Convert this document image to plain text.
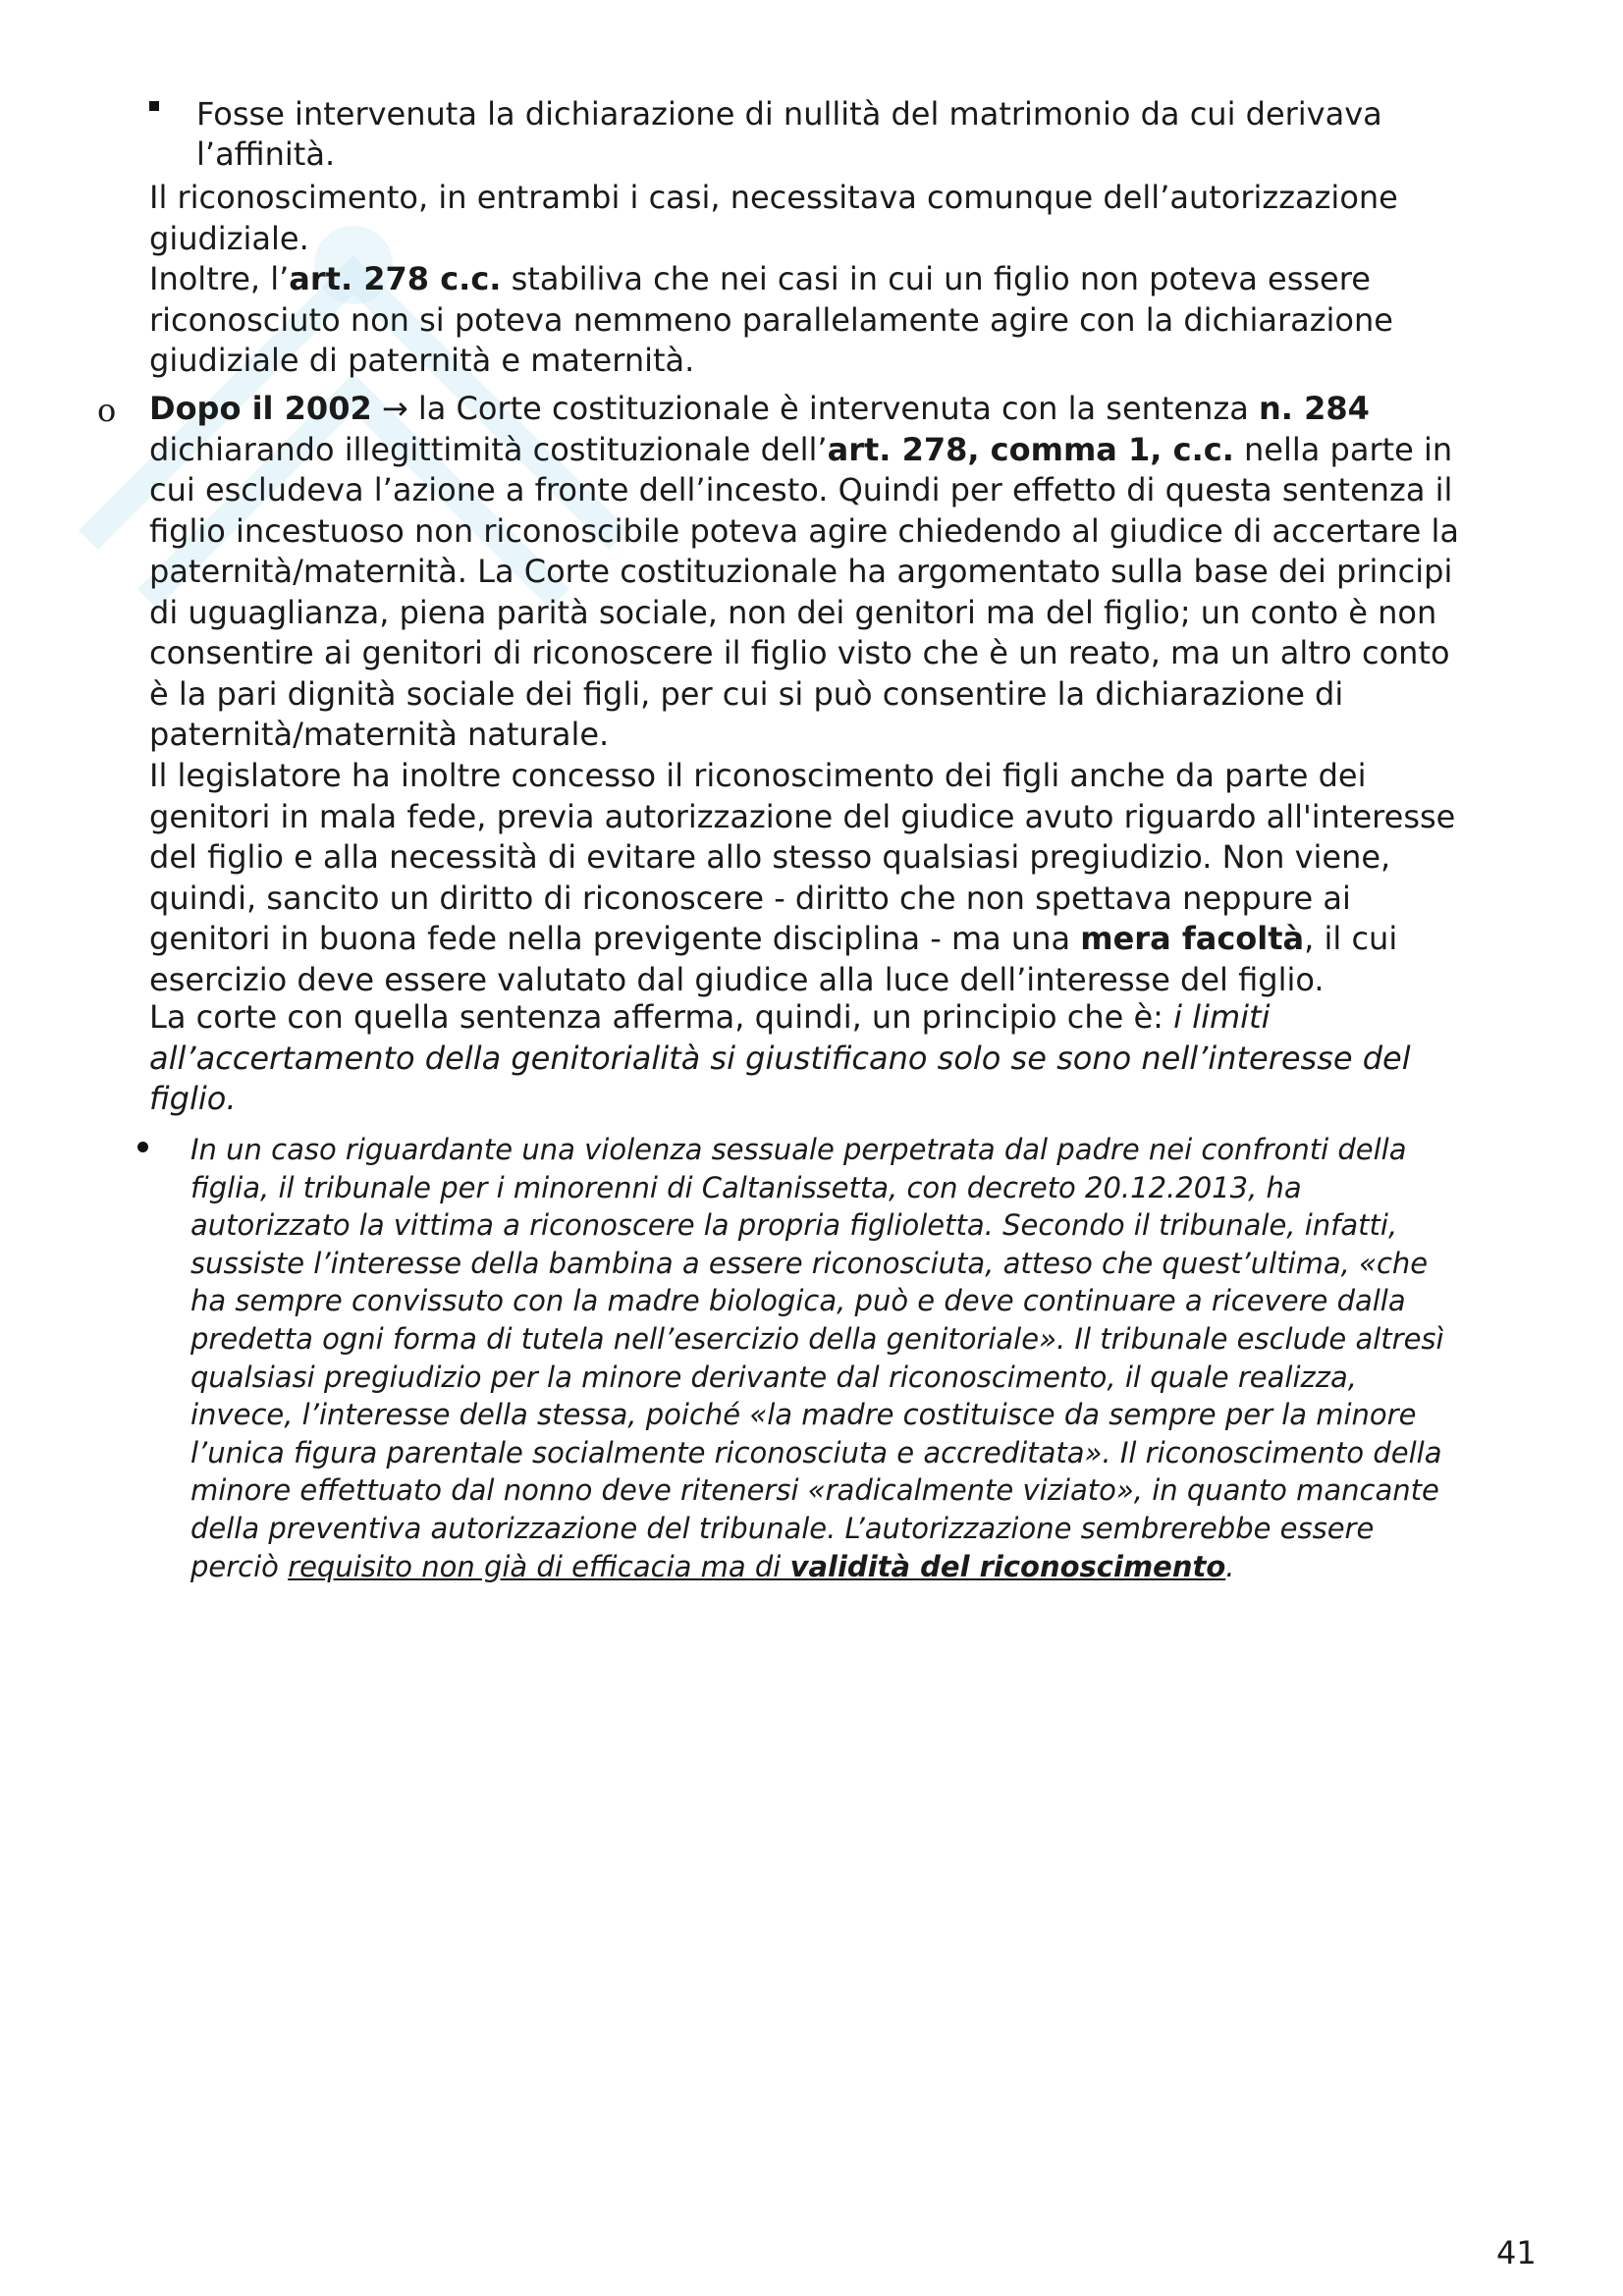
Fosse intervenuta la dichiarazione di nullità del matrimonio da cui derivava

l’affinità.

Il riconoscimento, in entrambi i casi, necessitava comunque dell’autorizzazione

giudiziale.

Inoltre, l’art. 278 c.c. stabiliva che nei casi in cui un figlio non poteva essere

riconosciuto non si poteva nemmeno parallelamente agire con la dichiarazione

giudiziale di paternità e maternità.

o Dopo il 2002 → la Corte costituzionale è intervenuta con la sentenza n. 284

dichiarando illegittimità costituzionale dell’art. 278, comma 1, c.c. nella parte in

cui escludeva l’azione a fronte dell’incesto. Quindi per effetto di questa sentenza il

figlio incestuoso non riconoscibile poteva agire chiedendo al giudice di accertare la

paternità/maternità. La Corte costituzionale ha argomentato sulla base dei principi

di uguaglianza, piena parità sociale, non dei genitori ma del figlio; un conto è non

consentire ai genitori di riconoscere il figlio visto che è un reato, ma un altro conto

è la pari dignità sociale dei figli, per cui si può consentire la dichiarazione di

paternità/maternità naturale.

Il legislatore ha inoltre concesso il riconoscimento dei figli anche da parte dei

genitori in mala fede, previa autorizzazione del giudice avuto riguardo all'interesse

del figlio e alla necessità di evitare allo stesso qualsiasi pregiudizio. Non viene,

quindi, sancito un diritto di riconoscere - diritto che non spettava neppure ai

genitori in buona fede nella previgente disciplina - ma una mera facoltà, il cui

esercizio deve essere valutato dal giudice alla luce dell’interesse del figlio.

La corte con quella sentenza afferma, quindi, un principio che è: i limiti

all’accertamento della genitorialità si giustificano solo se sono nell’interesse del

figlio.

In un caso riguardante una violenza sessuale perpetrata dal padre nei confronti della

figlia, il tribunale per i minorenni di Caltanissetta, con decreto 20.12.2013, ha

autorizzato la vittima a riconoscere la propria figlioletta. Secondo il tribunale, infatti,

sussiste l’interesse della bambina a essere riconosciuta, atteso che quest’ultima, «che

ha sempre convissuto con la madre biologica, può e deve continuare a ricevere dalla

predetta ogni forma di tutela nell’esercizio della genitoriale». Il tribunale esclude altresì

qualsiasi pregiudizio per la minore derivante dal riconoscimento, il quale realizza,

invece, l’interesse della stessa, poiché «la madre costituisce da sempre per la minore

l’unica figura parentale socialmente riconosciuta e accreditata». Il riconoscimento della

minore effettuato dal nonno deve ritenersi «radicalmente viziato», in quanto mancante

della preventiva autorizzazione del tribunale. L’autorizzazione sembrerebbe essere

perciò requisito non già di efficacia ma di validità del riconoscimento.

41
